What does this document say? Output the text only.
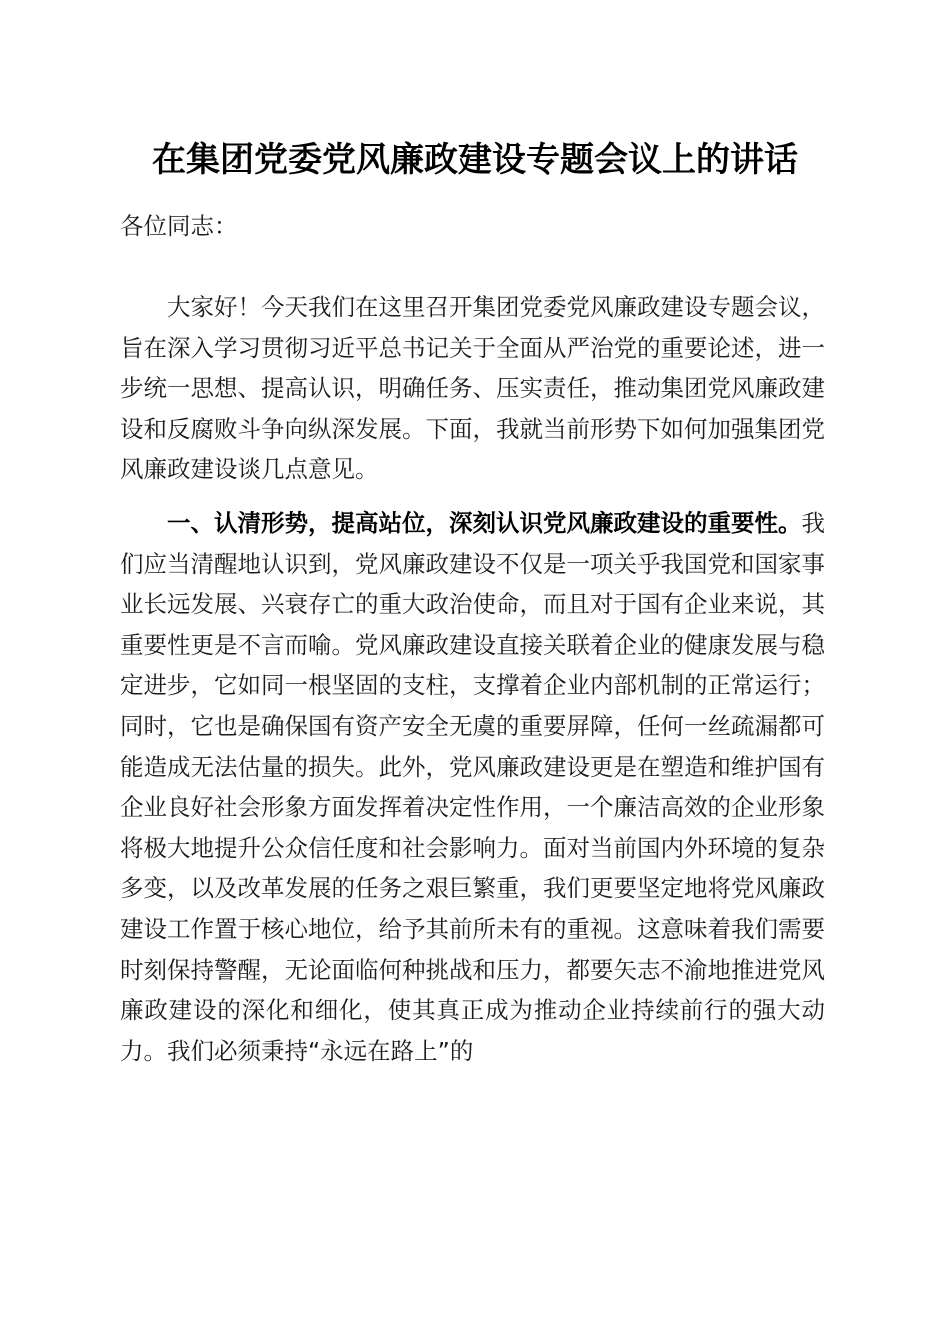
在集团党委党风廉政建设专题会议上的讲话

各位同志：

大家好！今天我们在这里召开集团党委党风廉政建设专题会议，旨在深入学习贯彻习近平总书记关于全面从严治党的重要论述，进一步统一思想、提高认识，明确任务、压实责任，推动集团党风廉政建设和反腐败斗争向纵深发展。下面，我就当前形势下如何加强集团党风廉政建设谈几点意见。

一、认清形势，提高站位，深刻认识党风廉政建设的重要性。我们应当清醒地认识到，党风廉政建设不仅是一项关乎我国党和国家事业长远发展、兴衰存亡的重大政治使命，而且对于国有企业来说，其重要性更是不言而喻。党风廉政建设直接关联着企业的健康发展与稳定进步，它如同一根坚固的支柱，支撑着企业内部机制的正常运行；同时，它也是确保国有资产安全无虞的重要屏障，任何一丝疏漏都可能造成无法估量的损失。此外，党风廉政建设更是在塑造和维护国有企业良好社会形象方面发挥着决定性作用，一个廉洁高效的企业形象将极大地提升公众信任度和社会影响力。面对当前国内外环境的复杂多变，以及改革发展的任务之艰巨繁重，我们更要坚定地将党风廉政建设工作置于核心地位，给予其前所未有的重视。这意味着我们需要时刻保持警醒，无论面临何种挑战和压力，都要矢志不渝地推进党风廉政建设的深化和细化，使其真正成为推动企业持续前行的强大动力。我们必须秉持“永远在路上”的
